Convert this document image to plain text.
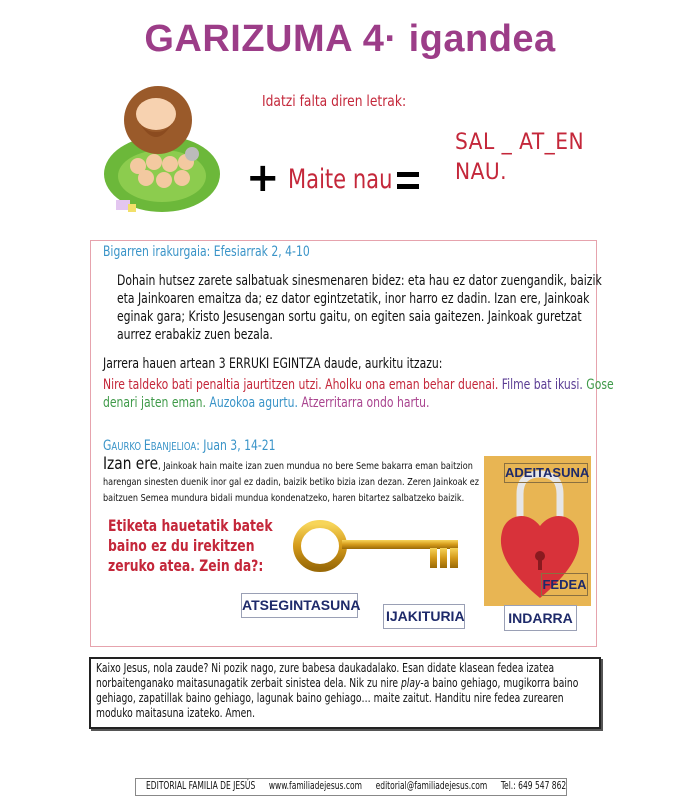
GARIZUMA 4· igandea
Idatzi falta diren letrak:
+ Maite nau
SAL _ AT_EN
NAU.
Bigarren irakurgaia: Efesiarrak 2, 4-10
Dohain hutsez zarete salbatuak sinesmenaren bidez: eta hau ez dator zuengandik, baizik eta Jainkoaren emaitza da; ez dator egintzetatik, inor harro ez dadin. Izan ere, Jainkoak eginak gara; Kristo Jesusengan sortu gaitu, on egiten saia gaitezen. Jainkoak guretzat aurrez erabakiz zuen bezala.
Jarrera hauen artean 3 ERRUKI EGINTZA daude, aurkitu itzazu:
Nire taldeko bati penaltia jaurtitzen utzi. Aholku ona eman behar duenai. Filme bat ikusi. Gose denari jaten eman. Auzokoa agurtu. Atzerritarra ondo hartu.
GAURKO EBANJELIOA: Juan 3, 14-21
Izan ere, Jainkoak hain maite izan zuen mundua no bere Seme bakarra eman baitzion harengan sinesten duenik inor gal ez dadin, baizik betiko bizia izan dezan. Zeren Jainkoak ez baitzuen Semea mundura bidali mundua kondenatzeko, haren bitartez salbatzeko baizik.
Etiketa hauetatik batek baino ez du irekitzen zeruko atea. Zein da?:
ADEITASUNA
FEDEA
ATSEGINTASUNA
IJAKITURIA	INDARRA
Kaixo Jesus, nola zaude? Ni pozik nago, zure babesa daukadalako. Esan didate klasean fedea izatea norbaitenganako maitasunagatik zerbait sinistea dela. Nik zu nire play-a baino gehiago, mugikorra baino gehiago, zapatillak baino gehiago, lagunak baino gehiago… maite zaitut. Handitu nire fedea zurearen moduko maitasuna izateko. Amen.
EDITORIAL FAMILIA DE JESÚS www.familiadejesus.com editorial@familiadejesus.com Tel.: 649 547 862
